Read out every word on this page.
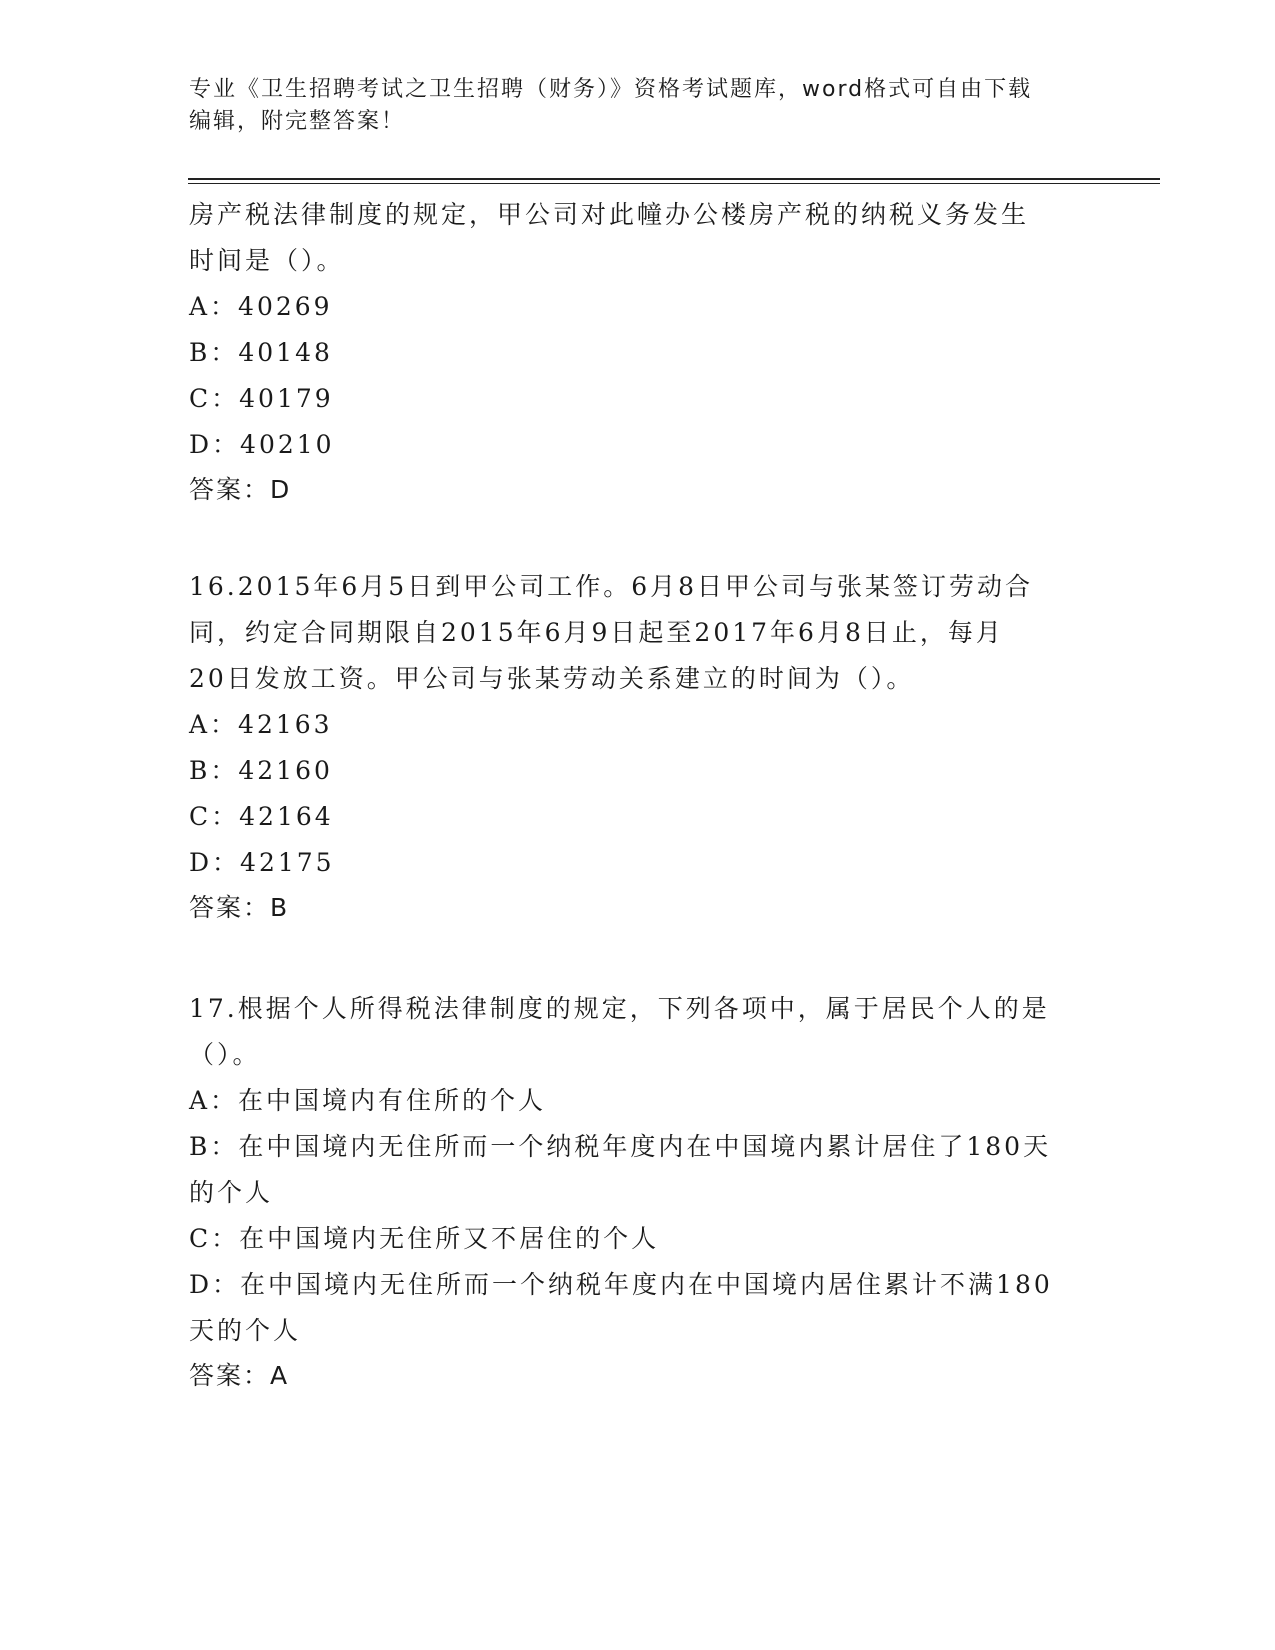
专业《卫生招聘考试之卫生招聘（财务）》资格考试题库，word格式可自由下载
编辑，附完整答案！
房产税法律制度的规定，甲公司对此幢办公楼房产税的纳税义务发生
时间是（）。
A：40269
B：40148
C：40179
D：40210
答案：D
16.2015年6月5日到甲公司工作。6月8日甲公司与张某签订劳动合
同，约定合同期限自2015年6月9日起至2017年6月8日止，每月
20日发放工资。甲公司与张某劳动关系建立的时间为（）。
A：42163
B：42160
C：42164
D：42175
答案：B
17.根据个人所得税法律制度的规定，下列各项中，属于居民个人的是
（）。
A：在中国境内有住所的个人
B：在中国境内无住所而一个纳税年度内在中国境内累计居住了180天
的个人
C：在中国境内无住所又不居住的个人
D：在中国境内无住所而一个纳税年度内在中国境内居住累计不满180
天的个人
答案：A
